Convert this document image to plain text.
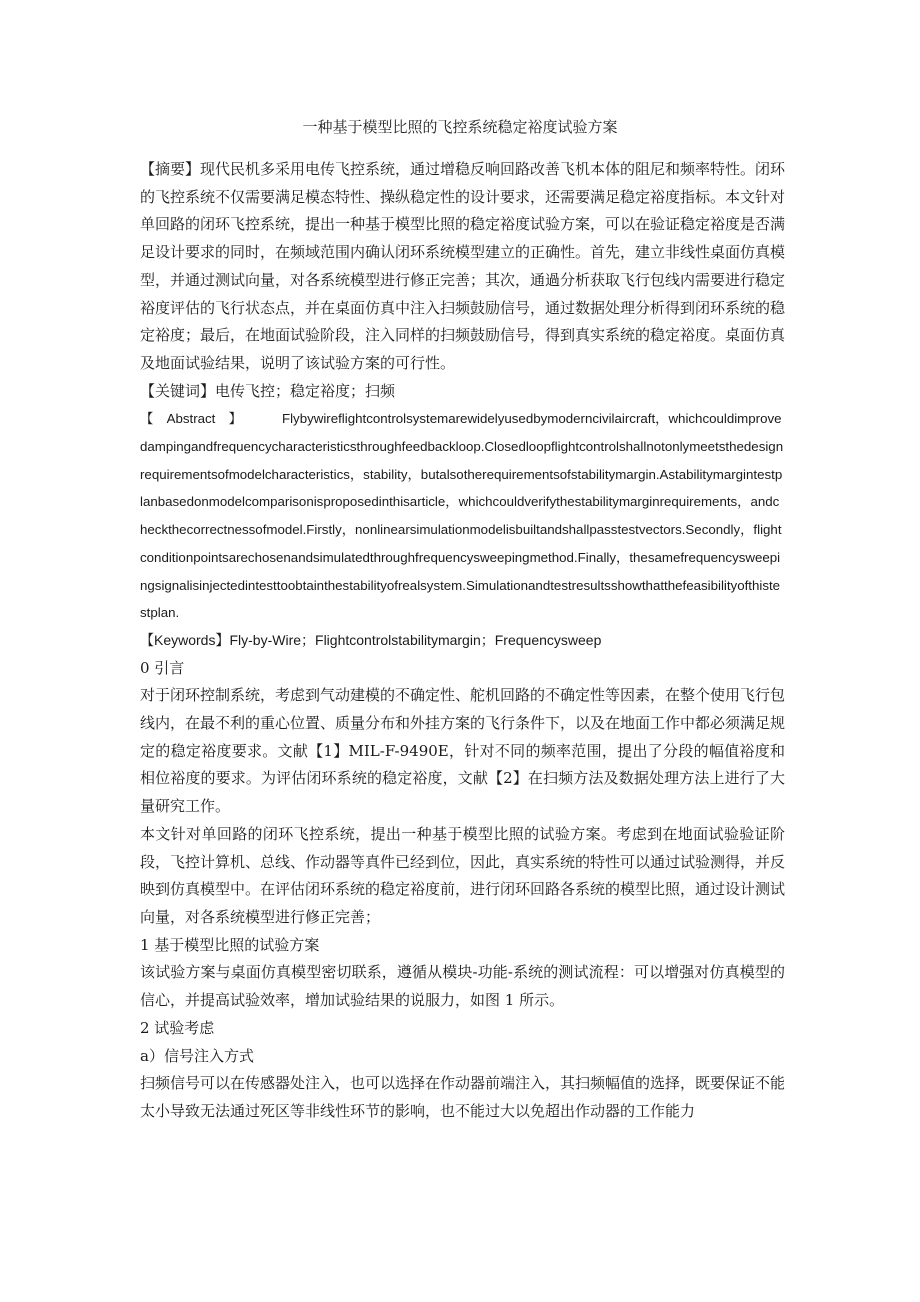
一种基于模型比照的飞控系统稳定裕度试验方案

【摘要】现代民机多采用电传飞控系统，通过增稳反响回路改善飞机本体的阻尼和频率特性。闭环的飞控系统不仅需要满足模态特性、操纵稳定性的设计要求，还需要满足稳定裕度指标。本文针对单回路的闭环飞控系统，提出一种基于模型比照的稳定裕度试验方案，可以在验证稳定裕度是否满足设计要求的同时，在频域范围内确认闭环系统模型建立的正确性。首先，建立非线性桌面仿真模型，并通过测试向量，对各系统模型进行修正完善；其次，通過分析获取飞行包线内需要进行稳定裕度评估的飞行状态点，并在桌面仿真中注入扫频鼓励信号，通过数据处理分析得到闭环系统的稳定裕度；最后，在地面试验阶段，注入同样的扫频鼓励信号，得到真实系统的稳定裕度。桌面仿真及地面试验结果，说明了该试验方案的可行性。

【关键词】电传飞控；稳定裕度；扫频

【　Abstract　】	Flybywireflightcontrolsystemarewidelyusedbymoderncivilaircraft，whichcouldimprovedampingandfrequencycharacteristicsthroughfeedbackloop.Closedloopflightcontrolshallnotonlymeetsthedesignrequirementsofmodelcharacteristics，stability，butalsotherequirementsofstabilitymargin.Astabilitymargintestplanbasedonmodelcomparisonisproposedinthisarticle，whichcouldverifythestabilitymarginrequirements，andcheckthecorrectnessofmodel.Firstly，nonlinearsimulationmodelisbuiltandshallpasstestvectors.Secondly，flightconditionpointsarechosenandsimulatedthroughfrequencysweepingmethod.Finally，thesamefrequencysweepingsignalisinjectedintesttoobtainthestabilityofrealsystem.Simulationandtestresultsshowthatthefeasibilityofthistestplan.

【Keywords】Fly-by-Wire；Flightcontrolstabilitymargin；Frequencysweep

0 引言

对于闭环控制系统，考虑到气动建模的不确定性、舵机回路的不确定性等因素，在整个使用飞行包线内，在最不利的重心位置、质量分布和外挂方案的飞行条件下，以及在地面工作中都必须满足规定的稳定裕度要求。文献【1】MIL-F-9490E，针对不同的频率范围，提出了分段的幅值裕度和相位裕度的要求。为评估闭环系统的稳定裕度，文献【2】在扫频方法及数据处理方法上进行了大量研究工作。

本文针对单回路的闭环飞控系统，提出一种基于模型比照的试验方案。考虑到在地面试验验证阶段，飞控计算机、总线、作动器等真件已经到位，因此，真实系统的特性可以通过试验测得，并反映到仿真模型中。在评估闭环系统的稳定裕度前，进行闭环回路各系统的模型比照，通过设计测试向量，对各系统模型进行修正完善；

1 基于模型比照的试验方案

该试验方案与桌面仿真模型密切联系，遵循从模块-功能-系统的测试流程：可以增强对仿真模型的信心，并提高试验效率，增加试验结果的说服力，如图 1 所示。

2 试验考虑

a）信号注入方式

扫频信号可以在传感器处注入，也可以选择在作动器前端注入，其扫频幅值的选择，既要保证不能太小导致无法通过死区等非线性环节的影响，也不能过大以免超出作动器的工作能力
